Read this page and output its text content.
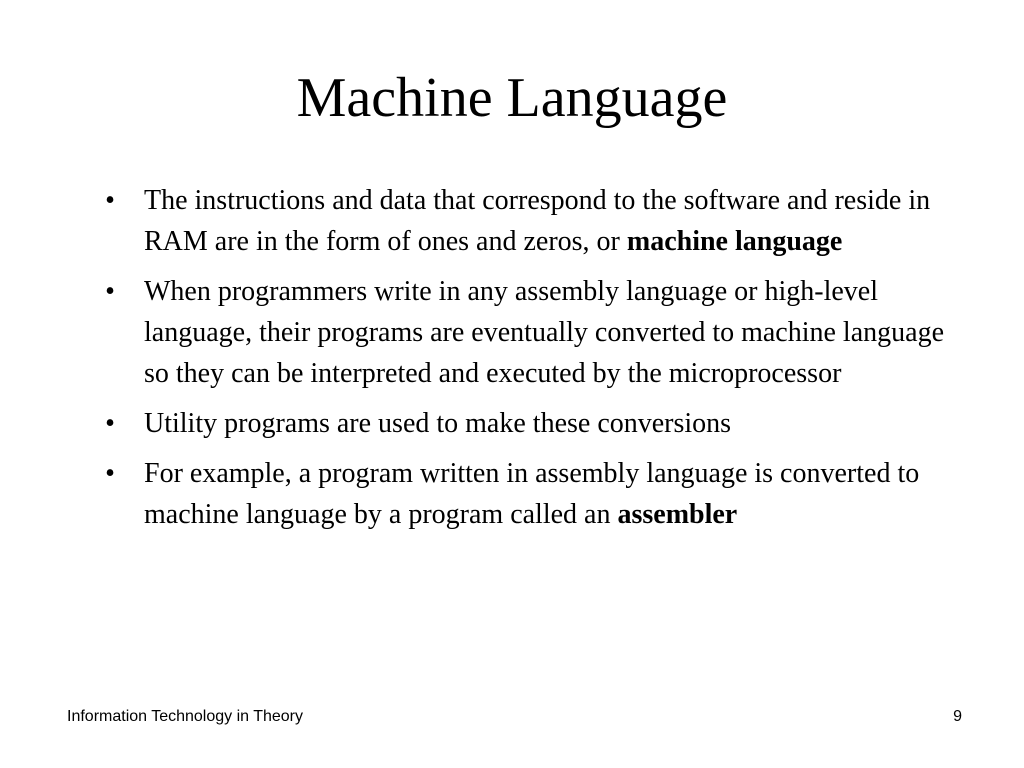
Machine Language
• The instructions and data that correspond to the software and reside in RAM are in the form of ones and zeros, or machine language
• When programmers write in any assembly language or high-level language, their programs are eventually converted to machine language so they can be interpreted and executed by the microprocessor
• Utility programs are used to make these conversions
• For example, a program written in assembly language is converted to machine language by a program called an assembler
Information Technology in Theory	9
